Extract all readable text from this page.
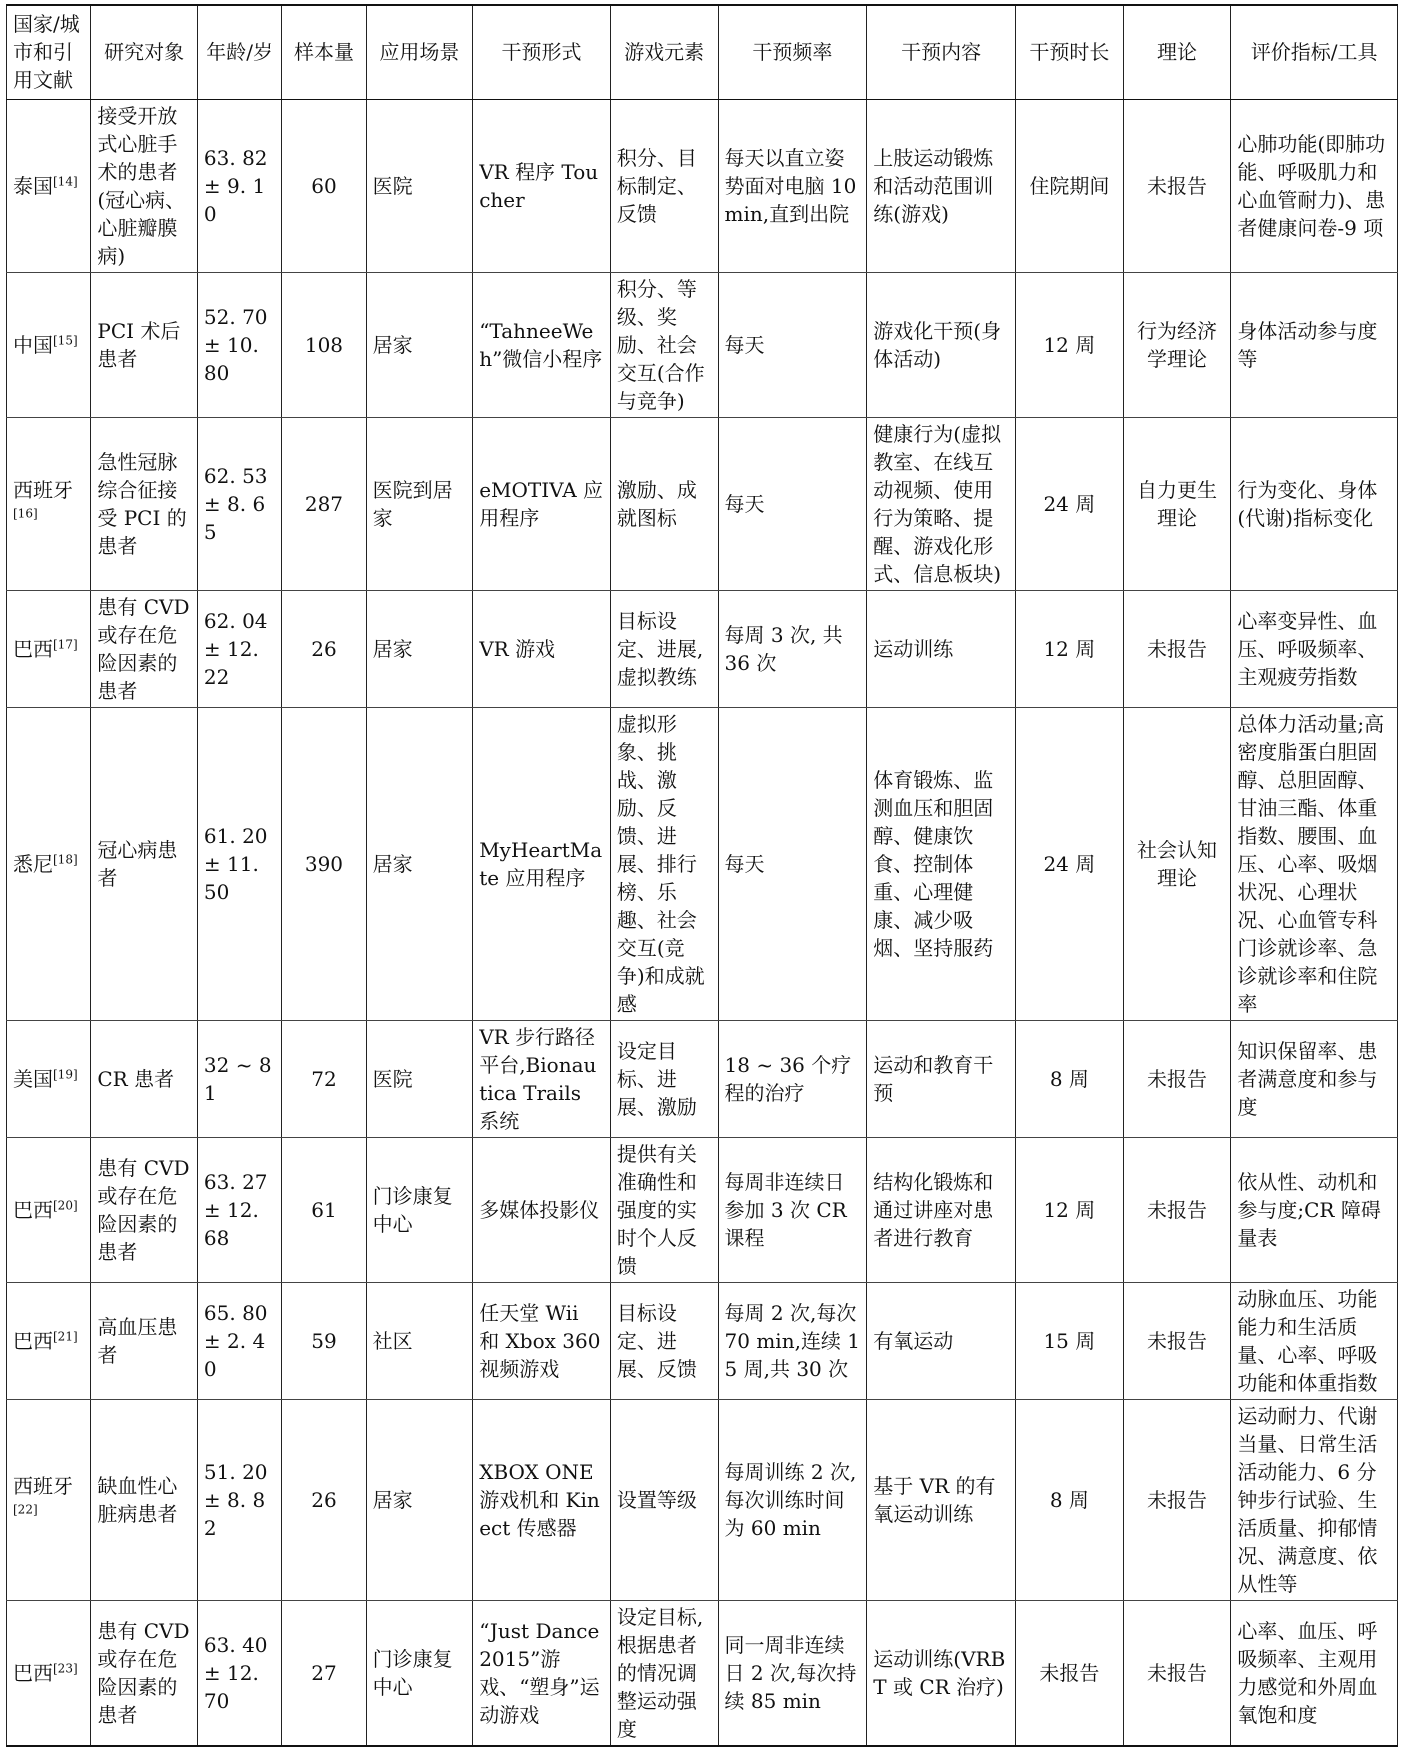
国家/城市和引用文献	研究对象	年龄/岁	样本量	应用场景	干预形式	游戏元素	干预频率	干预内容	干预时长	理论	评价指标/工具
泰国[14]	接受开放式心脏手术的患者(冠心病、心脏瓣膜病)	63. 82 ± 9. 10	60	医院	VR 程序 Toucher	积分、目标制定、反馈	每天以直立姿势面对电脑 10 min,直到出院	上肢运动锻炼和活动范围训练(游戏)	住院期间	未报告	心肺功能(即肺功能、呼吸肌力和心血管耐力)、患者健康问卷-9 项
中国[15]	PCI 术后患者	52. 70 ± 10. 80	108	居家	“TahneeWeh”微信小程序	积分、等级、奖励、社会交互(合作与竞争)	每天	游戏化干预(身体活动)	12 周	行为经济学理论	身体活动参与度等
西班牙[16]	急性冠脉综合征接受 PCI 的患者	62. 53 ± 8. 65	287	医院到居家	eMOTIVA 应用程序	激励、成就图标	每天	健康行为(虚拟教室、在线互动视频、使用行为策略、提醒、游戏化形式、信息板块)	24 周	自力更生理论	行为变化、身体(代谢)指标变化
巴西[17]	患有 CVD 或存在危险因素的患者	62. 04 ± 12. 22	26	居家	VR 游戏	目标设定、进展,虚拟教练	每周 3 次, 共 36 次	运动训练	12 周	未报告	心率变异性、血压、呼吸频率、主观疲劳指数
悉尼[18]	冠心病患者	61. 20 ± 11. 50	390	居家	MyHeartMate 应用程序	虚拟形象、挑战、激励、反馈、进展、排行榜、乐趣、社会交互(竞争)和成就感	每天	体育锻炼、监测血压和胆固醇、健康饮食、控制体重、心理健康、减少吸烟、坚持服药	24 周	社会认知理论	总体力活动量;高密度脂蛋白胆固醇、总胆固醇、甘油三酯、体重指数、腰围、血压、心率、吸烟状况、心理状况、心血管专科门诊就诊率、急诊就诊率和住院率
美国[19]	CR 患者	32 ~ 81	72	医院	VR 步行路径平台,Bionautica Trails 系统	设定目标、进展、激励	18 ~ 36 个疗程的治疗	运动和教育干预	8 周	未报告	知识保留率、患者满意度和参与度
巴西[20]	患有 CVD 或存在危险因素的患者	63. 27 ± 12. 68	61	门诊康复中心	多媒体投影仪	提供有关准确性和强度的实时个人反馈	每周非连续日参加 3 次 CR 课程	结构化锻炼和通过讲座对患者进行教育	12 周	未报告	依从性、动机和参与度;CR 障碍量表
巴西[21]	高血压患者	65. 80 ± 2. 40	59	社区	任天堂 Wii 和 Xbox 360 视频游戏	目标设定、进展、反馈	每周 2 次,每次 70 min,连续 15 周,共 30 次	有氧运动	15 周	未报告	动脉血压、功能能力和生活质量、心率、呼吸功能和体重指数
西班牙[22]	缺血性心脏病患者	51. 20 ± 8. 82	26	居家	XBOX ONE 游戏机和 Kinect 传感器	设置等级	每周训练 2 次,每次训练时间为 60 min	基于 VR 的有氧运动训练	8 周	未报告	运动耐力、代谢当量、日常生活活动能力、6 分钟步行试验、生活质量、抑郁情况、满意度、依从性等
巴西[23]	患有 CVD 或存在危险因素的患者	63. 40 ± 12. 70	27	门诊康复中心	“Just Dance 2015”游戏、“塑身”运动游戏	设定目标,根据患者的情况调整运动强度	同一周非连续日 2 次,每次持续 85 min	运动训练(VRBT 或 CR 治疗)	未报告	未报告	心率、血压、呼吸频率、主观用力感觉和外周血氧饱和度
